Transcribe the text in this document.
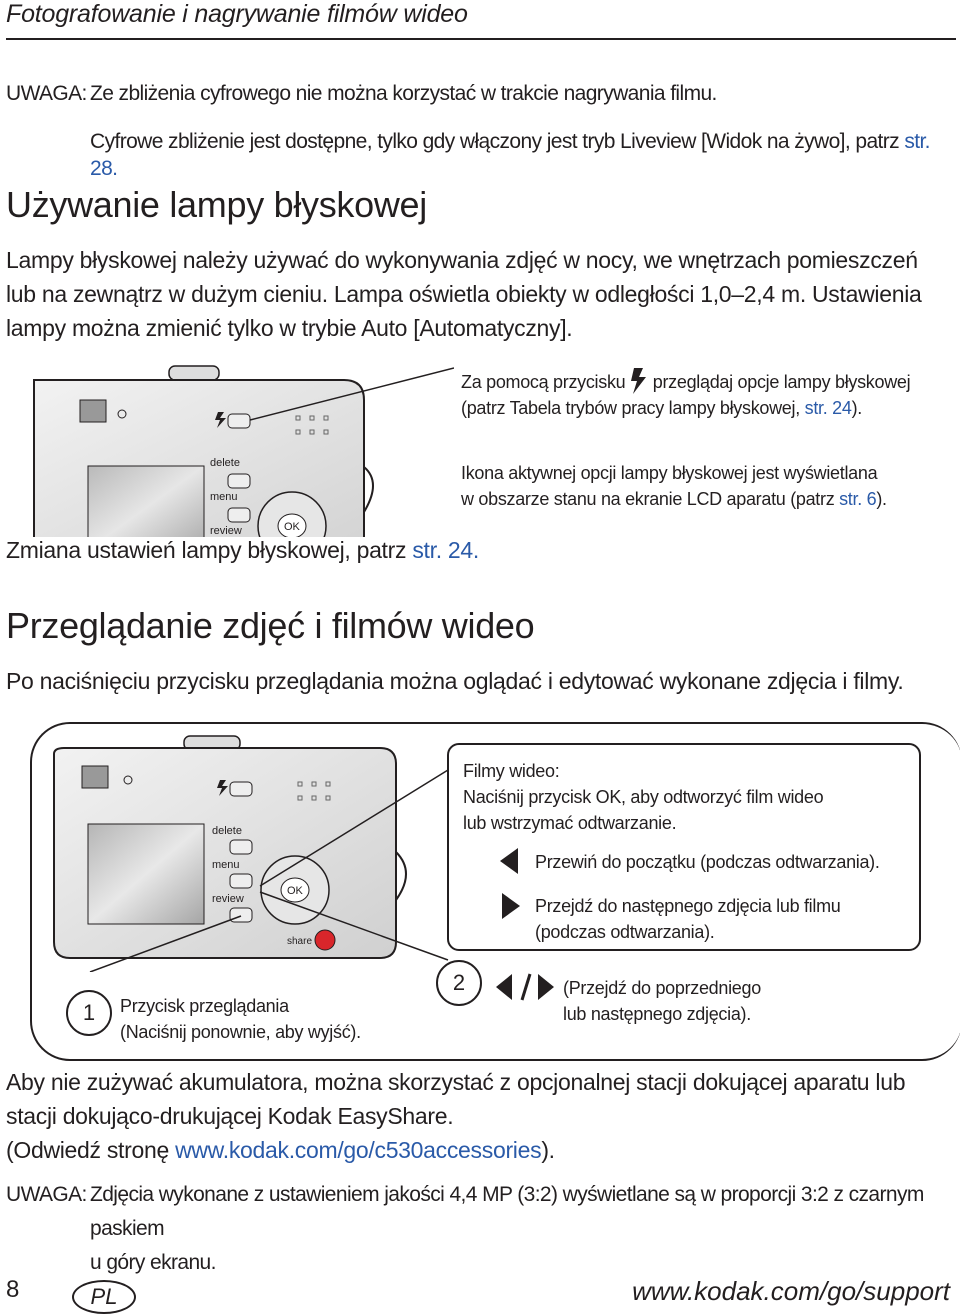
Fotografowanie i nagrywanie filmów wideo
UWAGA: Ze zbliżenia cyfrowego nie można korzystać w trakcie nagrywania filmu.
Cyfrowe zbliżenie jest dostępne, tylko gdy włączony jest tryb Liveview [Widok na żywo], patrz str. 28.
Używanie lampy błyskowej
Lampy błyskowej należy używać do wykonywania zdjęć w nocy, we wnętrzach pomieszczeń lub na zewnątrz w dużym cieniu. Lampa oświetla obiekty w odległości 1,0–2,4 m. Ustawienia lampy można zmienić tylko w trybie Auto [Automatyczny].
delete
menu
review	OK
Za pomocą przycisku przeglądaj opcje lampy błyskowej
(patrz Tabela trybów pracy lampy błyskowej, str. 24).
Ikona aktywnej opcji lampy błyskowej jest wyświetlana
w obszarze stanu na ekranie LCD aparatu (patrz str. 6).
Zmiana ustawień lampy błyskowej, patrz str. 24.
Przeglądanie zdjęć i filmów wideo
Po naciśnięciu przycisku przeglądania można oglądać i edytować wykonane zdjęcia i filmy.
delete
menu
review
OK
share
Filmy wideo:
Naciśnij przycisk OK, aby odtworzyć film wideo
lub wstrzymać odtwarzanie.
Przewiń do początku (podczas odtwarzania).
Przejdź do następnego zdjęcia lub filmu
(podczas odtwarzania).
1	Przycisk przeglądania
(Naciśnij ponownie, aby wyjść).
2	(Przejdź do poprzedniego
lub następnego zdjęcia).
Aby nie zużywać akumulatora, można skorzystać z opcjonalnej stacji dokującej aparatu lub
stacji dokująco-drukującej Kodak EasyShare.
(Odwiedź stronę www.kodak.com/go/c530accessories).
UWAGA: Zdjęcia wykonane z ustawieniem jakości 4,4 MP (3:2) wyświetlane są w proporcji 3:2 z czarnym paskiem
u góry ekranu.
8	PL	www.kodak.com/go/support
